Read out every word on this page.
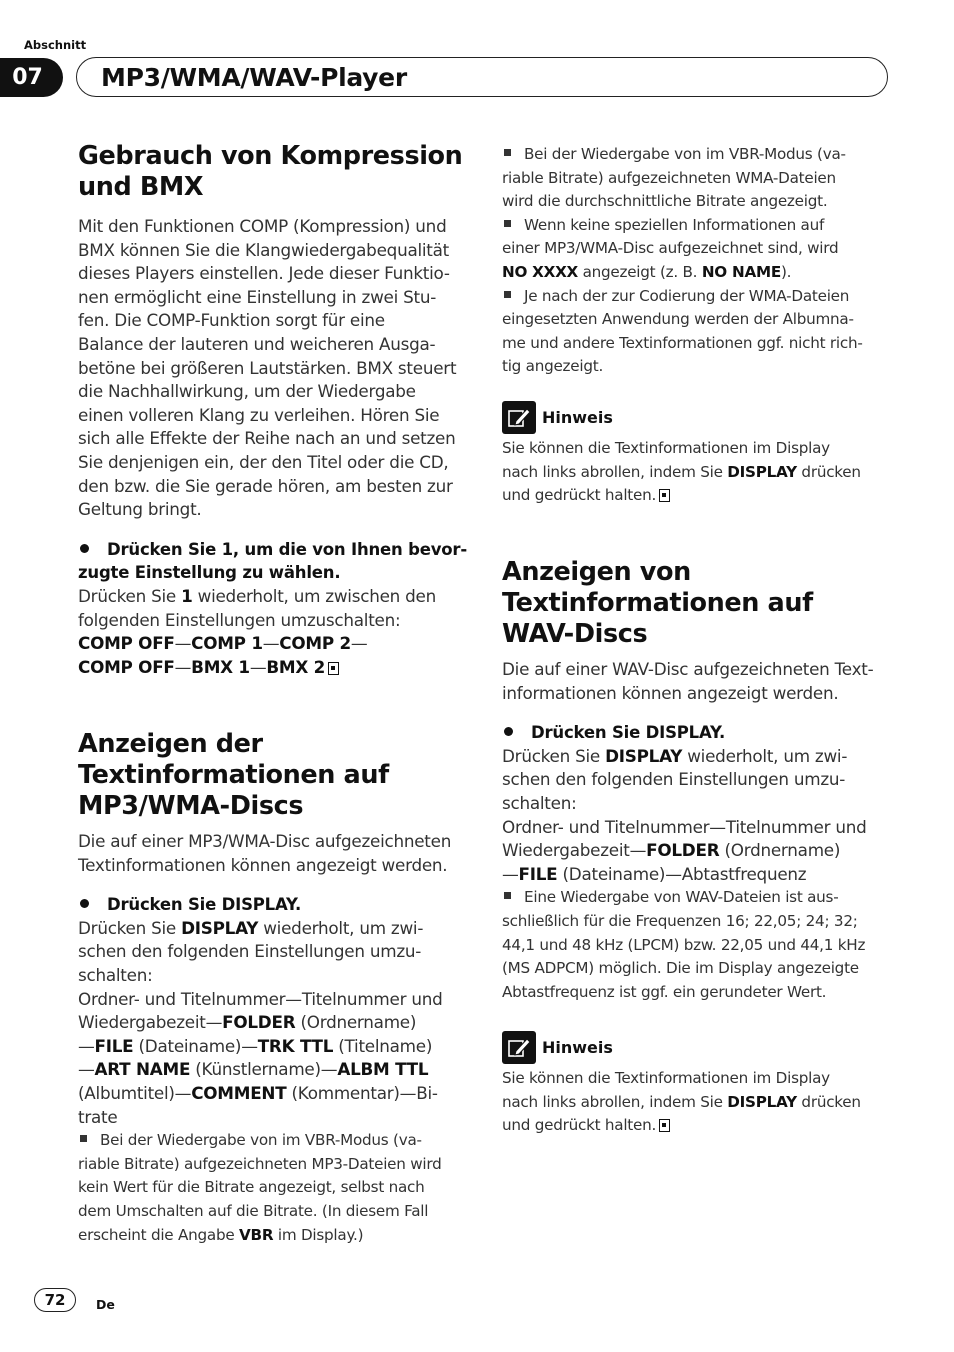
Abschnitt
07	MP3/WMA/WAV-Player
Gebrauch von Kompression
und BMX
Mit den Funktionen COMP (Kompression) und
BMX können Sie die Klangwiedergabequalität
dieses Players einstellen. Jede dieser Funktio-
nen ermöglicht eine Einstellung in zwei Stu-
fen. Die COMP-Funktion sorgt für eine
Balance der lauteren und weicheren Ausga-
betöne bei größeren Lautstärken. BMX steuert
die Nachhallwirkung, um der Wiedergabe
einen volleren Klang zu verleihen. Hören Sie
sich alle Effekte der Reihe nach an und setzen
Sie denjenigen ein, der den Titel oder die CD,
den bzw. die Sie gerade hören, am besten zur
Geltung bringt.
Drücken Sie 1, um die von Ihnen bevor-
zugte Einstellung zu wählen.
Drücken Sie 1 wiederholt, um zwischen den
folgenden Einstellungen umzuschalten:
COMP OFF—COMP 1—COMP 2—
COMP OFF—BMX 1—BMX 2
Anzeigen der
Textinformationen auf
MP3/WMA-Discs
Die auf einer MP3/WMA-Disc aufgezeichneten
Textinformationen können angezeigt werden.
Drücken Sie DISPLAY.
Drücken Sie DISPLAY wiederholt, um zwi-
schen den folgenden Einstellungen umzu-
schalten:
Ordner- und Titelnummer—Titelnummer und
Wiedergabezeit—FOLDER (Ordnername)
—FILE (Dateiname)—TRK TTL (Titelname)
—ART NAME (Künstlername)—ALBM TTL
(Albumtitel)—COMMENT (Kommentar)—Bi-
trate
Bei der Wiedergabe von im VBR-Modus (va-
riable Bitrate) aufgezeichneten MP3-Dateien wird
kein Wert für die Bitrate angezeigt, selbst nach
dem Umschalten auf die Bitrate. (In diesem Fall
erscheint die Angabe VBR im Display.)
Bei der Wiedergabe von im VBR-Modus (va-
riable Bitrate) aufgezeichneten WMA-Dateien
wird die durchschnittliche Bitrate angezeigt.
Wenn keine speziellen Informationen auf
einer MP3/WMA-Disc aufgezeichnet sind, wird
NO XXXX angezeigt (z. B. NO NAME).
Je nach der zur Codierung der WMA-Dateien
eingesetzten Anwendung werden der Albumna-
me und andere Textinformationen ggf. nicht rich-
tig angezeigt.
Hinweis
Sie können die Textinformationen im Display
nach links abrollen, indem Sie DISPLAY drücken
und gedrückt halten.
Anzeigen von
Textinformationen auf
WAV-Discs
Die auf einer WAV-Disc aufgezeichneten Text-
informationen können angezeigt werden.
Drücken Sie DISPLAY.
Drücken Sie DISPLAY wiederholt, um zwi-
schen den folgenden Einstellungen umzu-
schalten:
Ordner- und Titelnummer—Titelnummer und
Wiedergabezeit—FOLDER (Ordnername)
—FILE (Dateiname)—Abtastfrequenz
Eine Wiedergabe von WAV-Dateien ist aus-
schließlich für die Frequenzen 16; 22,05; 24; 32;
44,1 und 48 kHz (LPCM) bzw. 22,05 und 44,1 kHz
(MS ADPCM) möglich. Die im Display angezeigte
Abtastfrequenz ist ggf. ein gerundeter Wert.
Hinweis
Sie können die Textinformationen im Display
nach links abrollen, indem Sie DISPLAY drücken
und gedrückt halten.
72	De
